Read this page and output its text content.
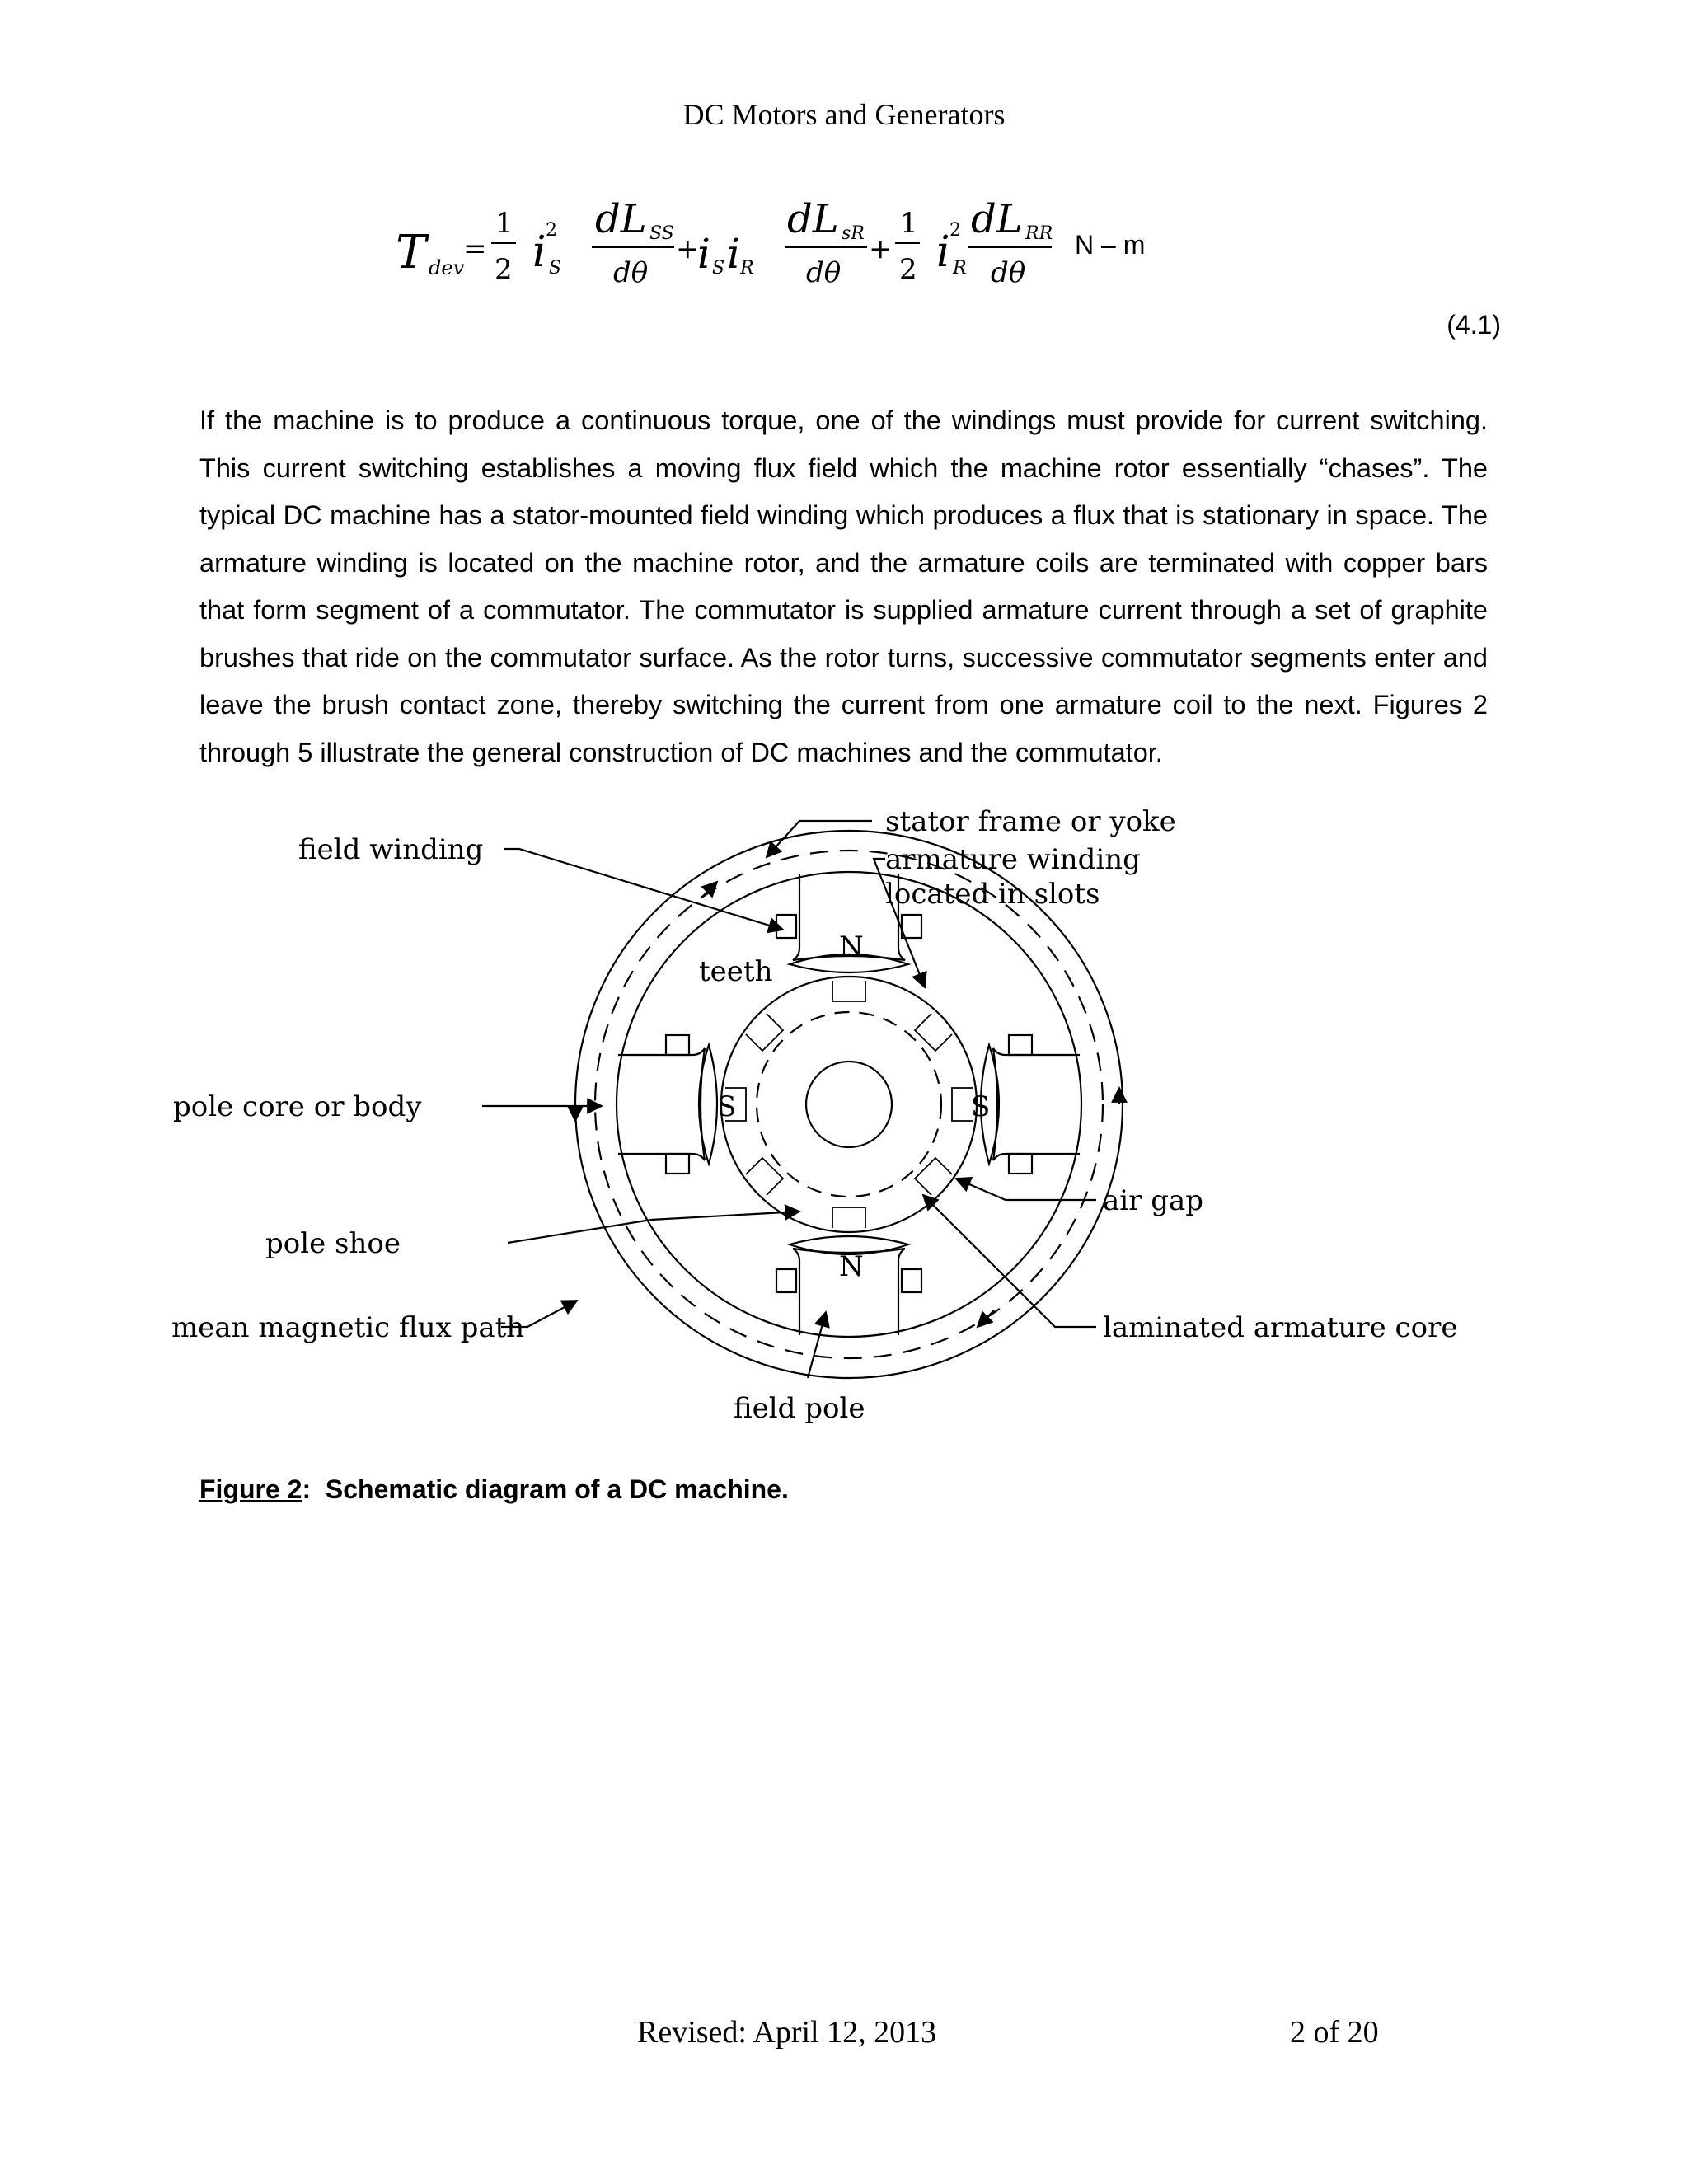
DC Motors and Generators
T dev
=
1
2 i 2
S
dL SS
dθ
+
i S i R
dL sR
dθ
+
1
2 i 2
R
dL RR
dθ
N – m
(4.1)

If the machine is to produce a continuous torque, one of the windings must provide for current switching. This current switching establishes a moving flux field which the machine rotor essentially “chases”. The typical DC machine has a stator-mounted field winding which produces a flux that is stationary in space. The armature winding is located on the machine rotor, and the armature coils are terminated with copper bars that form segment of a commutator. The commutator is supplied armature current through a set of graphite brushes that ride on the commutator surface. As the rotor turns, successive commutator segments enter and leave the brush contact zone, thereby switching the current from one armature coil to the next. Figures 2 through 5 illustrate the general construction of DC machines and the commutator.

stator frame or yoke
field winding	armature winding
located in slots
teeth
pole core or body
air gap
pole shoe
mean magnetic flux path	laminated armature core
field pole
N
N
S	S
Figure 2:  Schematic diagram of a DC machine.
Revised: April 12, 2013	2 of 20
